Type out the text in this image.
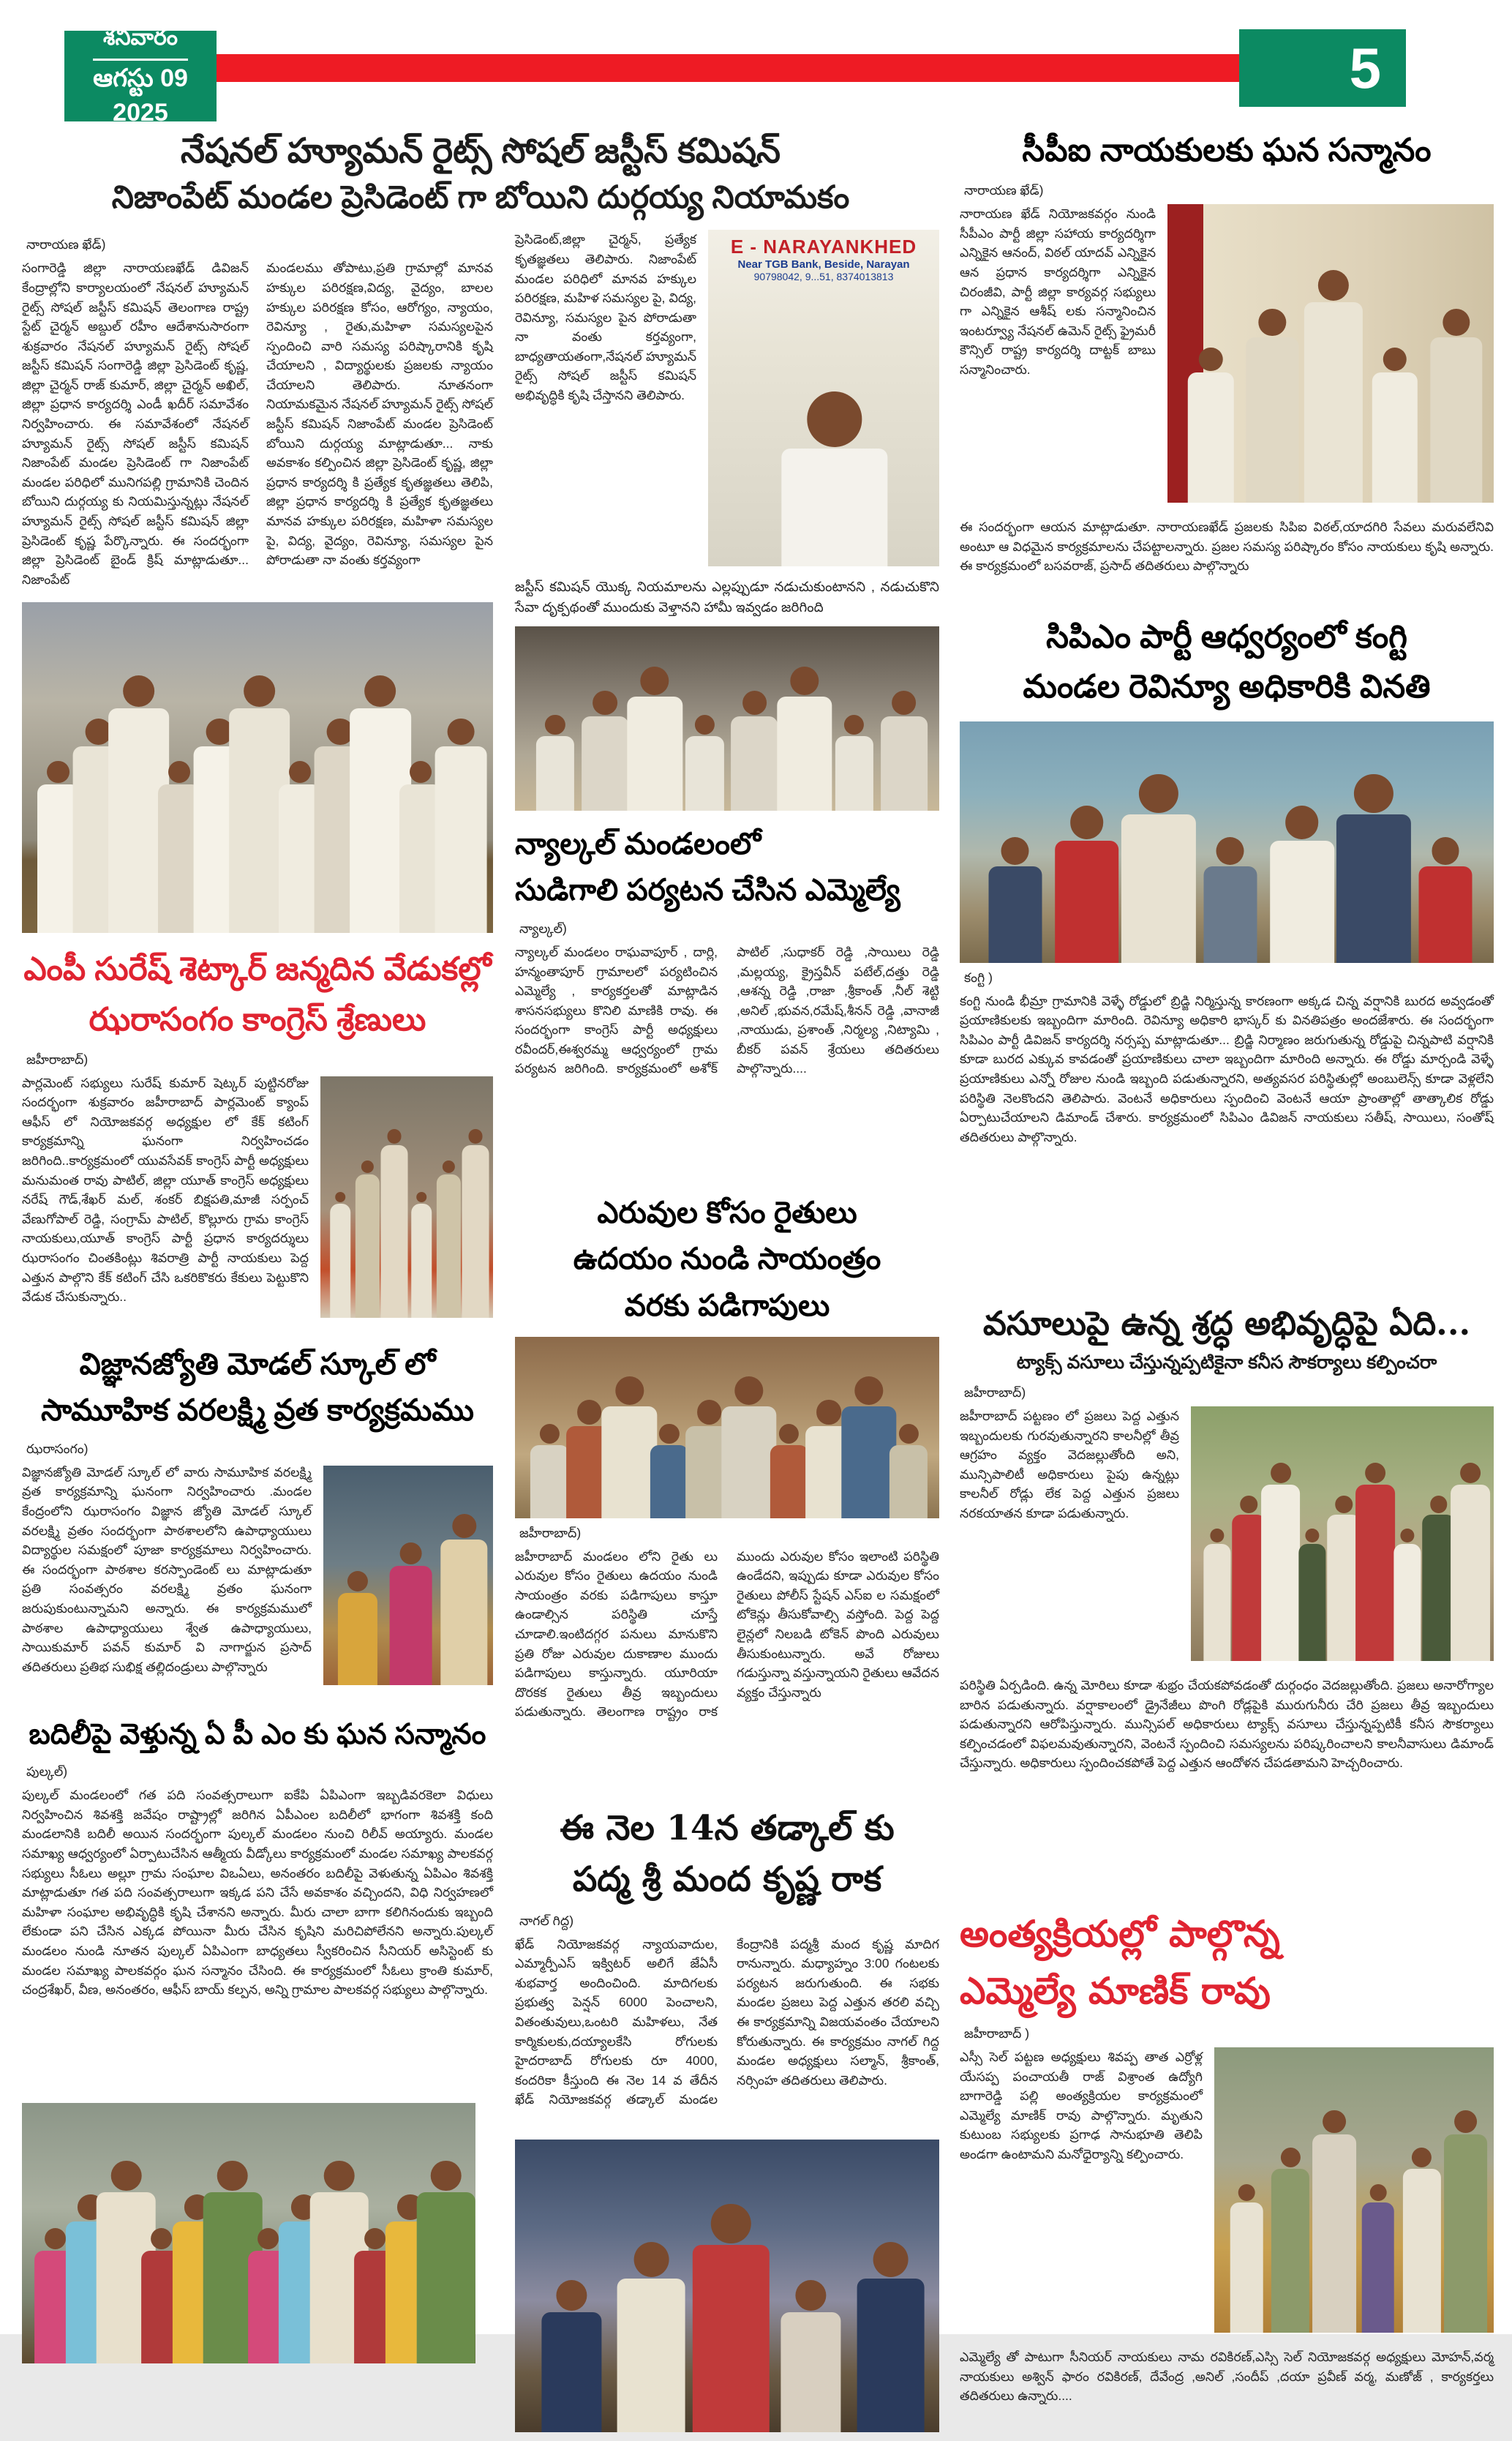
శనివారం
ఆగస్టు 09 2025
5
నేషనల్ హ్యూమన్ రైట్స్ సోషల్ జస్టీస్ కమిషన్
నిజాంపేట్ మండల ప్రెసిడెంట్ గా బోయిని దుర్గయ్య నియామకం
నారాయణ ఖేడ్)
సంగారెడ్డి జిల్లా నారాయణఖేడ్ డివిజన్ కేంద్రాల్లోని కార్యాలయంలో నేషనల్ హ్యూమన్ రైట్స్ సోషల్ జస్టీస్ కమిషన్ తెలంగాణ రాష్ట్ర స్టేట్ చైర్మన్ అబ్దుల్ రహీం ఆదేశానుసారంగా శుక్రవారం నేషనల్ హ్యూమన్ రైట్స్ సోషల్ జస్టీస్ కమిషన్ సంగారెడ్డి జిల్లా ప్రెసిడెంట్ కృష్ణ, జిల్లా చైర్మన్ రాజ్ కుమార్, జిల్లా చైర్మన్ అఖిల్, జిల్లా ప్రధాన కార్యదర్శి ఎండీ ఖదీర్ సమావేశం నిర్వహించారు. ఈ సమావేశంలో నేషనల్ హ్యూమన్ రైట్స్ సోషల్ జస్టీస్ కమిషన్ నిజాంపేట్ మండల ప్రెసిడెంట్ గా నిజాంపేట్ మండల పరిధిలో మునిగపల్లి గ్రామానికి చెందిన బోయిని దుర్గయ్య కు నియమిస్తున్నట్లు నేషనల్ హ్యూమన్ రైట్స్ సోషల్ జస్టీస్ కమిషన్ జిల్లా ప్రెసిడెంట్ కృష్ణ పేర్కొన్నారు. ఈ సందర్భంగా జిల్లా ప్రెసిడెంట్ బైండ్ క్రిష్ మాట్లాడుతూ... నిజాంపేట్
మండలము తోపాటు,ప్రతి గ్రామాల్లో మానవ హక్కుల పరిరక్షణ,విద్య, వైద్యం, బాలల హక్కుల పరిరక్షణ కోసం, ఆరోగ్యం, న్యాయం, రెవిన్యూ , రైతు,మహిళా సమస్యలపైన స్పందించి వారి సమస్య పరిష్కారానికి కృషి చేయాలని , విద్యార్థులకు ప్రజలకు న్యాయం చేయాలని తెలిపారు. నూతనంగా నియామకమైన నేషనల్ హ్యూమన్ రైట్స్ సోషల్ జస్టీస్ కమిషన్ నిజాంపేట్ మండల ప్రెసిడెంట్ బోయిని దుర్గయ్య మాట్లాడుతూ... నాకు అవకాశం కల్పించిన జిల్లా ప్రెసిడెంట్ కృష్ణ, జిల్లా ప్రధాన కార్యదర్శి కి ప్రత్యేక కృతజ్ఞతలు తెలిపి, జిల్లా ప్రధాన కార్యదర్శి కి ప్రత్యేక కృతజ్ఞతలు మానవ హక్కుల పరిరక్షణ, మహిళా సమస్యల పై, విద్య, వైద్యం, రెవిన్యూ, సమస్యల పైన పోరాడుతా నా వంతు కర్తవ్యంగా
ఎంపీ సురేష్ శెట్కార్ జన్మదిన వేడుకల్లో
ఝరాసంగం కాంగ్రెస్ శ్రేణులు
జహీరాబాద్)
పార్లమెంట్ సభ్యులు సురేష్ కుమార్ షెట్కర్ పుట్టినరోజు సందర్భంగా శుక్రవారం జహీరాబాద్ పార్లమెంట్ క్యాంప్ ఆఫీస్ లో నియోజకవర్గ అధ్యక్షుల లో కేక్ కటింగ్ కార్యక్రమాన్ని ఘనంగా నిర్వహించడం జరిగింది..కార్యక్రమంలో యువసేవక్ కాంగ్రెస్ పార్టీ అధ్యక్షులు మనుమంత రావు పాటిల్, జిల్లా యూత్ కాంగ్రెస్ అధ్యక్షులు నరేష్ గౌడ్,శేఖర్ మల్, శంకర్ బిక్షపతి,మాజీ సర్పంచ్ వేణుగోపాల్ రెడ్డి, సంగ్రామ్ పాటిల్, కొల్లూరు గ్రామ కాంగ్రెస్ నాయకులు,యూత్ కాంగ్రెస్ పార్టీ ప్రధాన కార్యదర్శులు ఝరాసంగం చింతకింట్లు శివరాత్రి పార్టీ నాయకులు పెద్ద ఎత్తున పాల్గొని కేక్ కటింగ్ చేసి ఒకరికొకరు కేకులు పెట్టుకొని వేడుక చేసుకున్నారు..
విజ్ఞానజ్యోతి మోడల్ స్కూల్ లో
సామూహిక వరలక్ష్మి వ్రత కార్యక్రమము
ఝరాసంగం)
విజ్ఞానజ్యోతి మోడల్ స్కూల్ లో వారు సామూహిక వరలక్ష్మి వ్రత కార్యక్రమాన్ని ఘనంగా నిర్వహించారు .మండల కేంద్రంలోని ఝరాసంగం విజ్ఞాన జ్యోతి మోడల్ స్కూల్ వరలక్ష్మి వ్రతం సందర్భంగా పాఠశాలలోని ఉపాధ్యాయులు విద్యార్థుల సమక్షంలో పూజా కార్యక్రమాలు నిర్వహించారు. ఈ సందర్భంగా పాఠశాల కరస్పాండెంట్ లు మాట్లాడుతూ ప్రతి సంవత్సరం వరలక్ష్మి వ్రతం ఘనంగా జరుపుకుంటున్నామని అన్నారు. ఈ కార్యక్రమములో పాఠశాల ఉపాధ్యాయులు శ్వేత ఉపాధ్యాయులు, సాయికుమార్ పవన్ కుమార్ వి నాగార్జున ప్రసాద్ తదితరులు ప్రతిభ సుభిక్ష తల్లిదండ్రులు పాల్గొన్నారు
బదిలీపై వెళ్తున్న ఏ పీ ఎం కు ఘన సన్మానం
పుల్కల్)
పుల్కల్ మండలంలో గత పది సంవత్సరాలుగా ఐకేపి ఏపిఎంగా ఇబ్బడివరకెలా విధులు నిర్వహించిన శివశక్తి జవేషం రాష్ట్రాల్లో జరిగిన ఏపీఎంల బదిలీలో భాగంగా శివశక్తి కంది మండలానికి బదిలీ అయిన సందర్భంగా పుల్కల్ మండలం నుంచి రిలీవ్ అయ్యారు. మండల సమాఖ్య ఆధ్వర్యంలో ఏర్పాటుచేసిన ఆత్మీయ వీడ్కోలు కార్యక్రమంలో మండల సమాఖ్య పాలకవర్గ సభ్యులు సీఓలు అల్లూ గ్రామ సంఘాల విఒఏలు, అనంతరం బదిలీపై వెళుతున్న ఏపిఎం శివశక్తి మాట్లాడుతూ గత పది సంవత్సరాలుగా ఇక్కడ పని చేసే అవకాశం వచ్చిందని, విధి నిర్వహణలో మహిళా సంఘాల అభివృద్ధికి కృషి చేశానని అన్నారు. మీరు చాలా బాగా కలిగినందుకు ఇబ్బంది లేకుండా పని చేసిన ఎక్కడ పోయినా మీరు చేసిన కృషిని మరిచిపోలేనని అన్నారు.పుల్కల్ మండలం నుండి నూతన పుల్కల్ ఏపిఎంగా బాధ్యతలు స్వీకరించిన సీనియర్ అసిస్టెంట్ కు మండల సమాఖ్య పాలకవర్గం ఘన సన్మానం చేసింది. ఈ కార్యక్రమంలో సీఓలు క్రాంతి కుమార్, చంద్రశేఖర్, వీణ, అనంతరం, ఆఫీస్ బాయ్ కల్పన, అన్ని గ్రామాల పాలకవర్గ సభ్యులు పాల్గొన్నారు.
ప్రెసిడెంట్,జిల్లా చైర్మన్, ప్రత్యేక కృతజ్ఞతలు తెలిపారు. నిజాంపేట్ మండల పరిధిలో మానవ హక్కుల పరిరక్షణ, మహిళ సమస్యల పై, విద్య, రెవిన్యూ, సమస్యల పైన పోరాడుతా నా వంతు కర్తవ్యంగా, బాధ్యతాయతంగా,నేషనల్ హ్యూమన్ రైట్స్ సోషల్ జస్టీస్ కమిషన్ అభివృద్ధికి కృషి చేస్తానని తెలిపారు.
E - NARAYANKHED
Near TGB Bank, Beside, Narayan
90798042, 9...51, 8374013813
జస్టీస్ కమిషన్ యొక్క నియమాలను ఎల్లప్పుడూ నడుచుకుంటానని , నడుచుకొని సేవా దృక్పథంతో ముందుకు వెళ్తానని హామీ ఇవ్వడం జరిగింది
న్యాల్కల్ మండలంలో
సుడిగాలి పర్యటన చేసిన ఎమ్మెల్యే
న్యాల్కల్)
న్యాల్కల్ మండలం రాఘవాపూర్ , దార్లి, హన్మంతాపూర్ గ్రామాలలో పర్యటించిన ఎమ్మెల్యే , కార్యకర్తలతో మాట్లాడిన శాసనసభ్యులు కొనిలి మాణికి రావు. ఈ సందర్భంగా కాంగ్రెస్ పార్టీ అధ్యక్షులు రవీందర్,ఈశ్వరమ్మ ఆధ్వర్యంలో గ్రామ పర్యటన జరిగింది. కార్యక్రమంలో అశోక్ పాటిల్ ,సుధాకర్ రెడ్డి ,సాయిలు రెడ్డి ,మల్లయ్య, క్రైస్తవీన్ పటేల్,దత్తు రెడ్డి ,ఆశన్న రెడ్డి ,రాజా ,శ్రీకాంత్ ,నీల్ శెట్టి ,అనిల్ ,భువన,రమేష్,శీనన్ రెడ్డి ,వానాజీ ,నాయుడు, ప్రశాంత్ ,నిర్మల్య ,నిట్యామి , బీకర్ పవన్ శ్రేయలు తదితరులు పాల్గొన్నారు....
ఎరువుల కోసం రైతులు
ఉదయం నుండి సాయంత్రం
వరకు పడిగాపులు
జహీరాబాద్)
జహీరాబాద్ మండలం లోని రైతు లు ఎరువుల కోసం రైతులు ఉదయం నుండి సాయంత్రం వరకు పడిగాపులు కాస్తూ ఉండాల్సిన పరిస్థితి చూస్తే చూడాలి.ఇంటిదగ్గర పనులు మానుకొని ప్రతి రోజు ఎరువుల దుకాణాల ముందు పడిగాపులు కాస్తున్నారు. యూరియా దొరకక రైతులు తీవ్ర ఇబ్బందులు పడుతున్నారు. తెలంగాణ రాష్ట్రం రాక ముందు ఎరువుల కోసం ఇలాంటి పరిస్థితి ఉండేదని, ఇప్పుడు కూడా ఎరువుల కోసం రైతులు పోలీస్ స్టేషన్ ఎస్ఐ ల సమక్షంలో టోకెన్లు తీసుకోవాల్సి వస్తోంది. పెద్ద పెద్ద లైన్లలో నిలబడి టోకెన్ పొంది ఎరువులు తీసుకుంటున్నారు. అవే రోజులు గడుస్తున్నా వస్తున్నాయని రైతులు ఆవేదన వ్యక్తం చేస్తున్నారు
ఈ నెల 14న తడ్కాల్ కు
పద్మ శ్రీ మంద కృష్ణ రాక
నాగల్ గిద్ద)
ఖేడ్ నియోజకవర్గ న్యాయవాదుల, ఎమ్మార్పీఎస్ ఇక్విటర్ అలిగే జేఏసీ శుభవార్త అందించింది. మాదిగలకు ప్రభుత్వ పెన్షన్ 6000 పెంచాలని, వితంతువులు,ఒంటరి మహిళలు, నేత కార్మికులకు,దయ్యాలకేసి రోగులకు హైదరాబాద్ రోగులకు రూ 4000, కందరికా కీస్తుంది ఈ నెల 14 వ తేదీన ఖేడ్ నియోజకవర్గ తడ్కాల్ మండల కేంద్రానికి పద్మశ్రీ మంద కృష్ణ మాదిగ రానున్నారు. మధ్యాహ్నం 3:00 గంటలకు పర్యటన జరుగుతుంది. ఈ సభకు మండల ప్రజలు పెద్ద ఎత్తున తరలి వచ్చి ఈ కార్యక్రమాన్ని విజయవంతం చేయాలని కోరుతున్నారు. ఈ కార్యక్రమం నాగల్ గిద్ద మండల అధ్యక్షులు సల్మాన్, శ్రీకాంత్, నర్సింహ తదితరులు తెలిపారు.
సీపీఐ నాయకులకు ఘన సన్మానం
నారాయణ ఖేడ్)
నారాయణ ఖేడ్ నియోజకవర్గం నుండి సీపీఎం పార్టీ జిల్లా సహాయ కార్యదర్శిగా ఎన్నికైన ఆనంద్, విఠల్ యాదవ్ ఎన్నికైన ఆన ప్రధాన కార్యదర్శిగా ఎన్నికైన చిరంజీవి, పార్టీ జిల్లా కార్యవర్గ సభ్యులు గా ఎన్నికైన ఆశీష్ లకు సన్మానించిన ఇంటర్వ్యూ నేషనల్ ఉమెన్ రైట్స్ ఫ్రైమరీ కౌన్సిల్ రాష్ట్ర కార్యదర్శి దాట్టక్ బాబు సన్మానించారు.
ఈ సందర్భంగా ఆయన మాట్లాడుతూ. నారాయణఖేడ్ ప్రజలకు సిపిఐ విఠల్,యాదగిరి సేవలు మరువలేనివి అంటూ ఆ విధమైన కార్యక్రమాలను చేపట్టాలన్నారు. ప్రజల సమస్య పరిష్కారం కోసం నాయకులు కృషి అన్నారు. ఈ కార్యక్రమంలో బసవరాజ్, ప్రసాద్ తదితరులు పాల్గొన్నారు
సిపిఎం పార్టీ ఆధ్వర్యంలో కంగ్టి
మండల రెవిన్యూ అధికారికి వినతి
కంగ్టి )
కంగ్టి నుండి భీమ్రా గ్రామానికి వెళ్ళే రోడ్డులో బ్రిడ్జి నిర్మిస్తున్న కారణంగా అక్కడ చిన్న వర్షానికి బురద అవ్వడంతో ప్రయాణికులకు ఇబ్బందిగా మారింది. రెవిన్యూ అధికారి భాస్కర్ కు వినతిపత్రం అందజేశారు. ఈ సందర్భంగా సిపిఎం పార్టీ డివిజన్ కార్యదర్శి నర్సప్ప మాట్లాడుతూ... బ్రిడ్జి నిర్మాణం జరుగుతున్న రోడ్డుపై చిన్నపాటి వర్షానికి కూడా బురద ఎక్కువ కావడంతో ప్రయాణికులు చాలా ఇబ్బందిగా మారింది అన్నారు. ఈ రోడ్డు మార్చండి వెళ్ళే ప్రయాణికులు ఎన్నో రోజుల నుండి ఇబ్బంది పడుతున్నారని, అత్యవసర పరిస్థితుల్లో అంబులెన్స్ కూడా వెళ్లలేని పరిస్థితి నెలకొందని తెలిపారు. వెంటనే అధికారులు స్పందించి వెంటనే ఆయా ప్రాంతాల్లో తాత్కాలిక రోడ్డు ఏర్పాటుచేయాలని డిమాండ్ చేశారు. కార్యక్రమంలో సిపిఎం డివిజన్ నాయకులు సతీష్, సాయిలు, సంతోష్ తదితరులు పాల్గొన్నారు.
వసూలుపై ఉన్న శ్రద్ధ అభివృద్ధిపై ఏది...
ట్యాక్స్ వసూలు చేస్తున్నప్పటికైనా కనీస సౌకర్యాలు కల్పించరా
జహీరాబాద్)
జహీరాబాద్ పట్టణం లో ప్రజలు పెద్ద ఎత్తున ఇబ్బందులకు గురవుతున్నారని కాలనీల్లో తీవ్ర ఆగ్రహం వ్యక్తం వెదజల్లుతోంది అని, మున్సిపాలిటీ అధికారులు పైపు ఉన్నట్లు కాలనీల్ రోడ్లు లేక పెద్ద ఎత్తున ప్రజలు నరకయాతన కూడా పడుతున్నారు.
పరిస్థితి ఏర్పడింది. ఉన్న మోరిలు కూడా శుభ్రం చేయకపోవడంతో దుర్గంధం వెదజల్లుతోంది. ప్రజలు అనారోగ్యాల బారిన పడుతున్నారు. వర్షాకాలంలో డ్రైనేజీలు పొంగి రోడ్లపైకి మురుగునీరు చేరి ప్రజలు తీవ్ర ఇబ్బందులు పడుతున్నారని ఆరోపిస్తున్నారు. మున్సిపల్ అధికారులు ట్యాక్స్ వసూలు చేస్తున్నప్పటికీ కనీస సౌకర్యాలు కల్పించడంలో విఫలమవుతున్నారని, వెంటనే స్పందించి సమస్యలను పరిష్కరించాలని కాలనీవాసులు డిమాండ్ చేస్తున్నారు. అధికారులు స్పందించకపోతే పెద్ద ఎత్తున ఆందోళన చేపడతామని హెచ్చరించారు.
అంత్యక్రియల్లో పాల్గొన్న
ఎమ్మెల్యే మాణిక్ రావు
జహీరాబాద్ )
ఎస్సీ సెల్ పట్టణ అధ్యక్షులు శివప్ప తాత ఎర్రోళ్ల యేసప్ప పంచాయతీ రాజ్ విశ్రాంత ఉద్యోగి బాగారెడ్డి పల్లి అంత్యక్రియల కార్యక్రమంలో ఎమ్మెల్యే మాణిక్ రావు పాల్గొన్నారు. మృతుని కుటుంబ సభ్యులకు ప్రగాఢ సానుభూతి తెలిపి అండగా ఉంటామని మనోధైర్యాన్ని కల్పించారు.
ఎమ్మెల్యే తో పాటుగా సీనియర్ నాయకులు నామ రవికిరణ్,ఎస్సి సెల్ నియోజకవర్గ అధ్యక్షులు మోహన్,వర్మ నాయకులు అశ్విన్ ఫారం రవికిరణ్, దేవేంద్ర ,అనిల్ ,సందీప్ ,దయా ప్రవీణ్ వర్మ, మణోజ్ , కార్యకర్తలు తదితరులు ఉన్నారు....
